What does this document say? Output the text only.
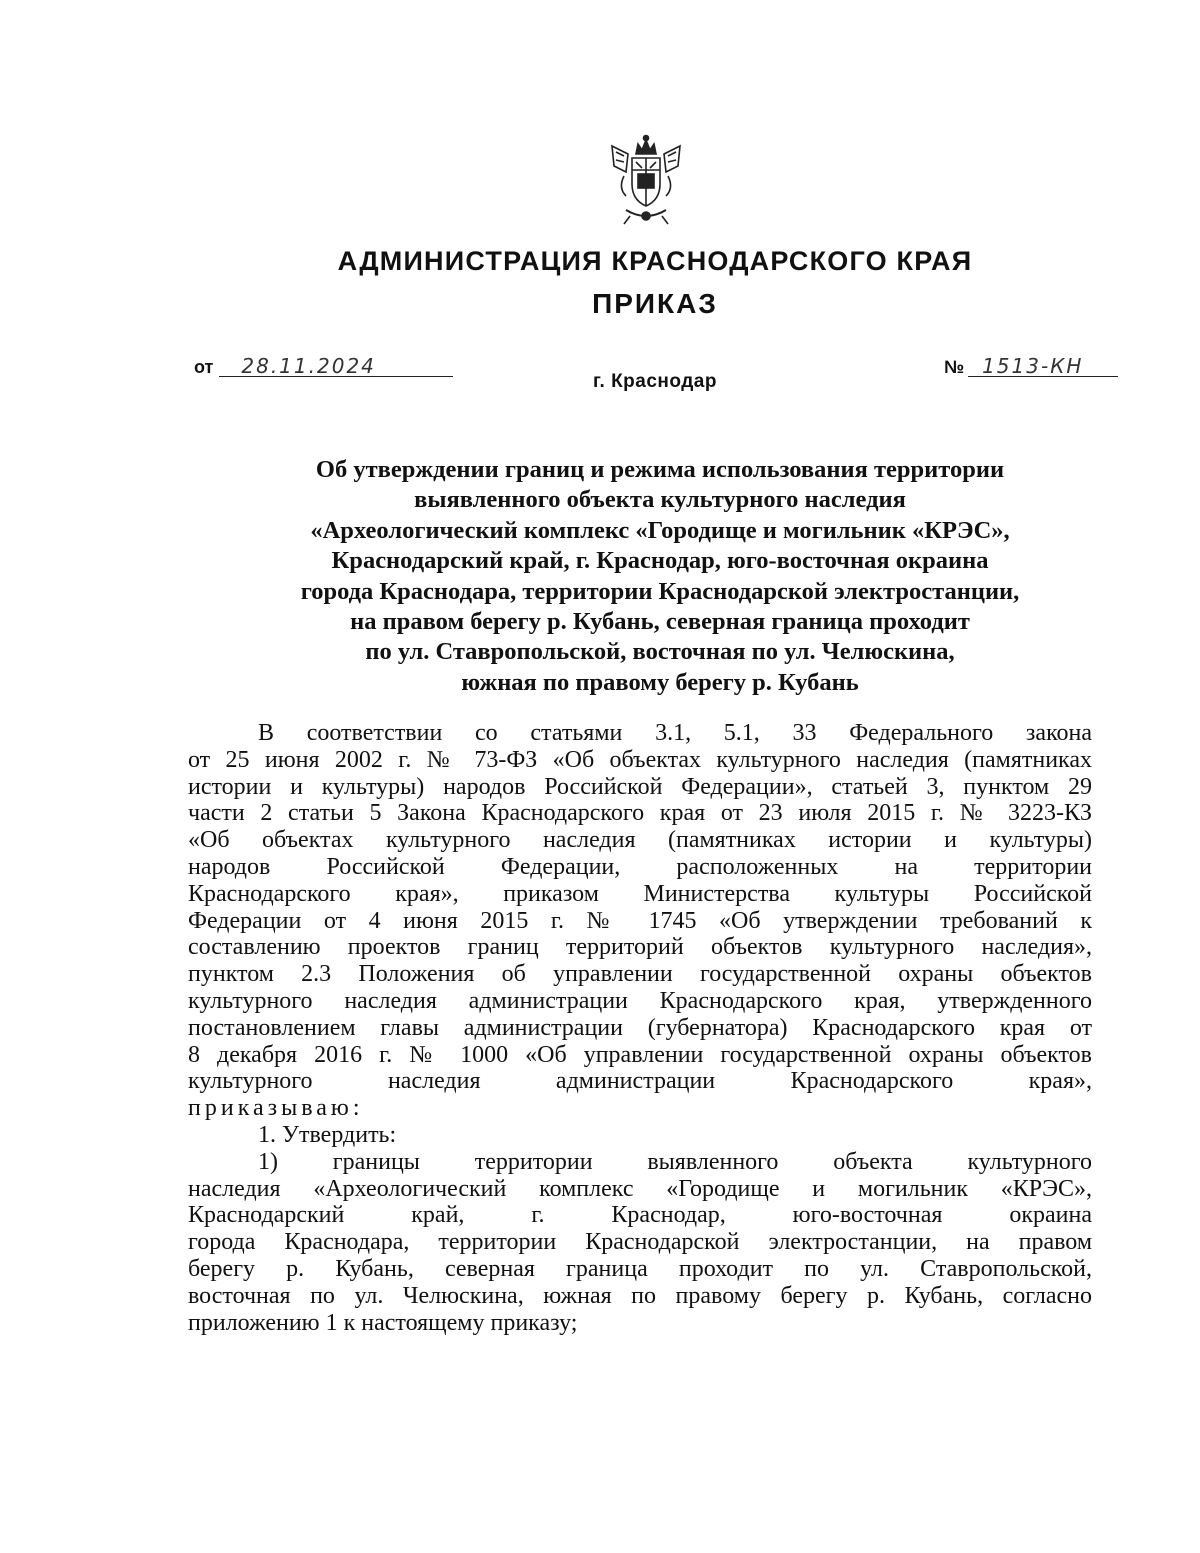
АДМИНИСТРАЦИЯ КРАСНОДАРСКОГО КРАЯ
ПРИКАЗ
от 28.11.2024	№ 1513-КН
г. Краснодар
Об утверждении границ и режима использования территории
выявленного объекта культурного наследия
«Археологический комплекс «Городище и могильник «КРЭС»,
Краснодарский край, г. Краснодар, юго-восточная окраина
города Краснодара, территории Краснодарской электростанции,
на правом берегу р. Кубань, северная граница проходит
по ул. Ставропольской, восточная по ул. Челюскина,
южная по правому берегу р. Кубань

В соответствии со статьями 3.1, 5.1, 33 Федерального закона

от 25 июня 2002 г. № 73-ФЗ «Об объектах культурного наследия (памятниках

истории и культуры) народов Российской Федерации», статьей 3, пунктом 29

части 2 статьи 5 Закона Краснодарского края от 23 июля 2015 г. № 3223-КЗ

«Об объектах культурного наследия (памятниках истории и культуры)

народов Российской Федерации, расположенных на территории

Краснодарского края», приказом Министерства культуры Российской

Федерации от 4 июня 2015 г. № 1745 «Об утверждении требований к

составлению проектов границ территорий объектов культурного наследия»,

пунктом 2.3 Положения об управлении государственной охраны объектов

культурного наследия администрации Краснодарского края, утвержденного

постановлением главы администрации (губернатора) Краснодарского края от

8 декабря 2016 г. № 1000 «Об управлении государственной охраны объектов

культурного наследия администрации Краснодарского края»,

приказываю:

1. Утвердить:

1) границы территории выявленного объекта культурного

наследия «Археологический комплекс «Городище и могильник «КРЭС»,

Краснодарский край, г. Краснодар, юго-восточная окраина

города Краснодара, территории Краснодарской электростанции, на правом

берегу р. Кубань, северная граница проходит по ул. Ставропольской,

восточная по ул. Челюскина, южная по правому берегу р. Кубань, согласно

приложению 1 к настоящему приказу;
